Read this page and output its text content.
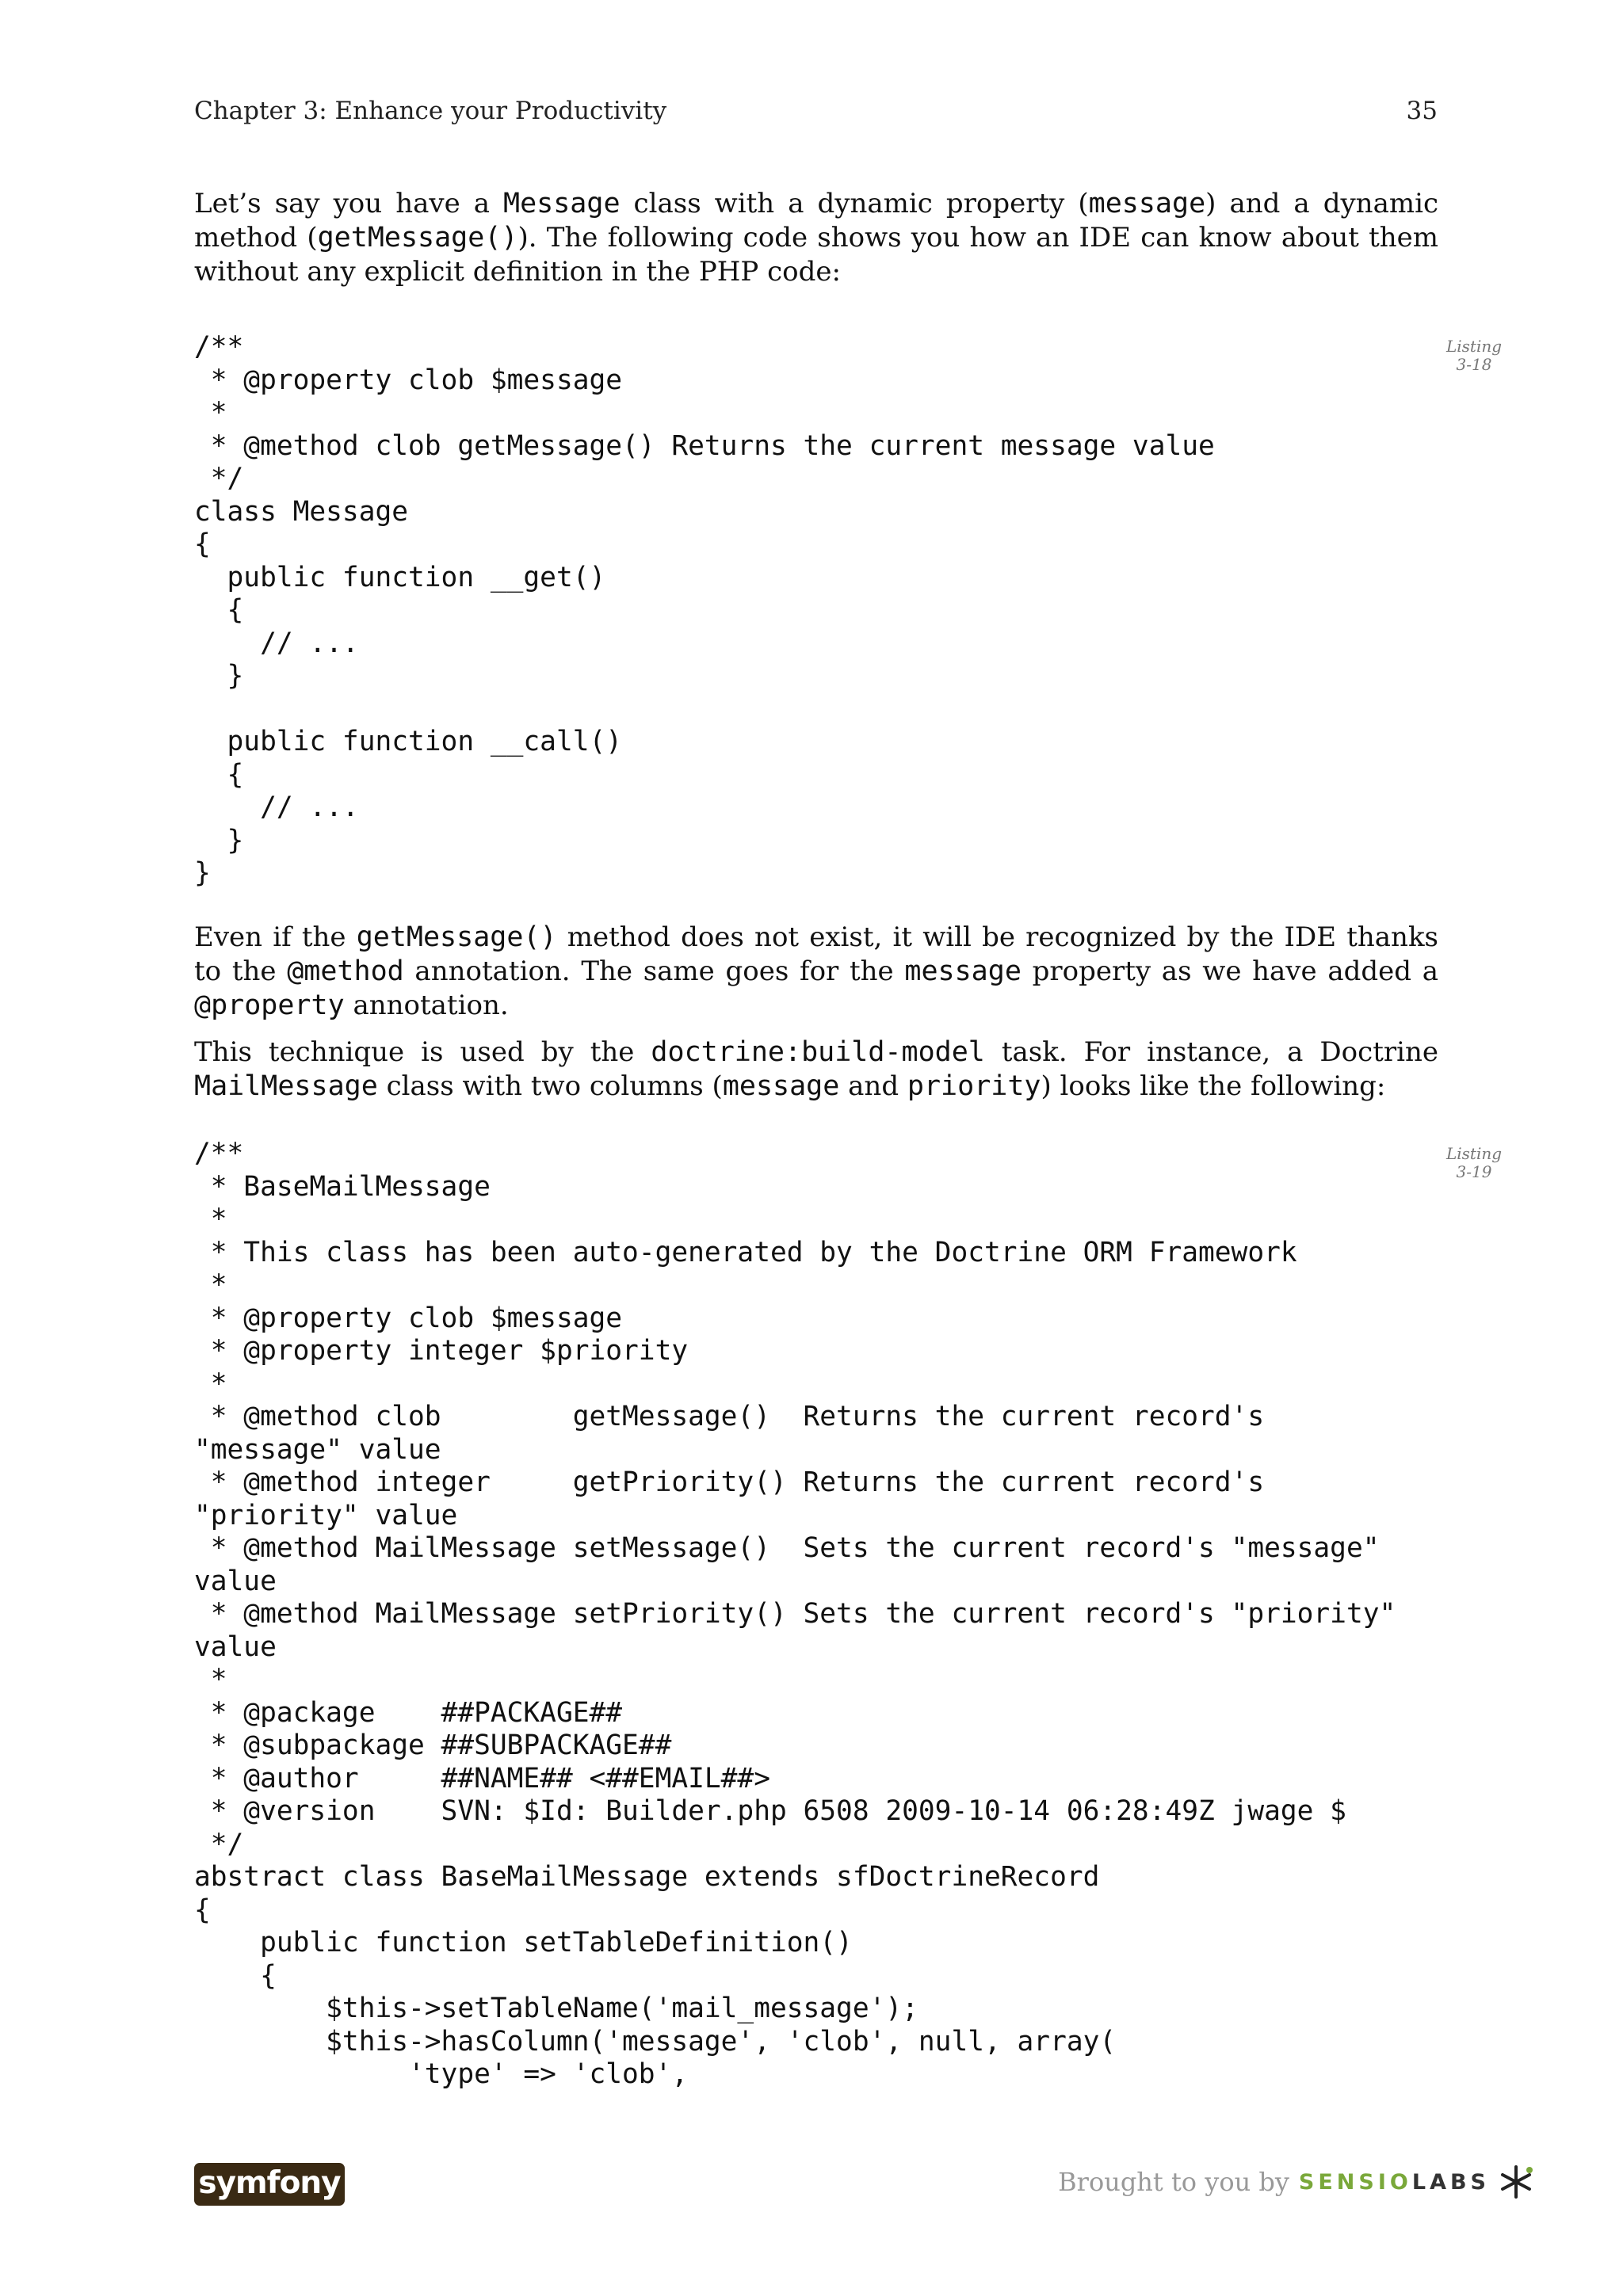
Chapter 3: Enhance your Productivity	35

Let’s say you have a Message class with a dynamic property (message) and a dynamic method (getMessage()). The following code shows you how an IDE can know about them without any explicit definition in the PHP code:

Listing
3-18
/**
* @property clob $message
*
* @method clob getMessage() Returns the current message value
*/
class Message
{
public function __get()
{
// ...
}

public function __call()
{
// ...
}
}

Even if the getMessage() method does not exist, it will be recognized by the IDE thanks to the @method annotation. The same goes for the message property as we have added a @property annotation.

This technique is used by the doctrine:build-model task. For instance, a Doctrine MailMessage class with two columns (message and priority) looks like the following:

Listing
3-19
/**
* BaseMailMessage
*
* This class has been auto-generated by the Doctrine ORM Framework
*
* @property clob $message
* @property integer $priority
*
* @method clob        getMessage()  Returns the current record's
"message" value
* @method integer     getPriority() Returns the current record's
"priority" value
* @method MailMessage setMessage()  Sets the current record's "message"
value
* @method MailMessage setPriority() Sets the current record's "priority"
value
*
* @package    ##PACKAGE##
* @subpackage ##SUBPACKAGE##
* @author     ##NAME## <##EMAIL##>
* @version    SVN: $Id: Builder.php 6508 2009-10-14 06:28:49Z jwage $
*/
abstract class BaseMailMessage extends sfDoctrineRecord
{
public function setTableDefinition()
{
$this->setTableName('mail_message');
$this->hasColumn('message', 'clob', null, array(
'type' => 'clob',
symfony	Brought to you by SENSIO LABS
